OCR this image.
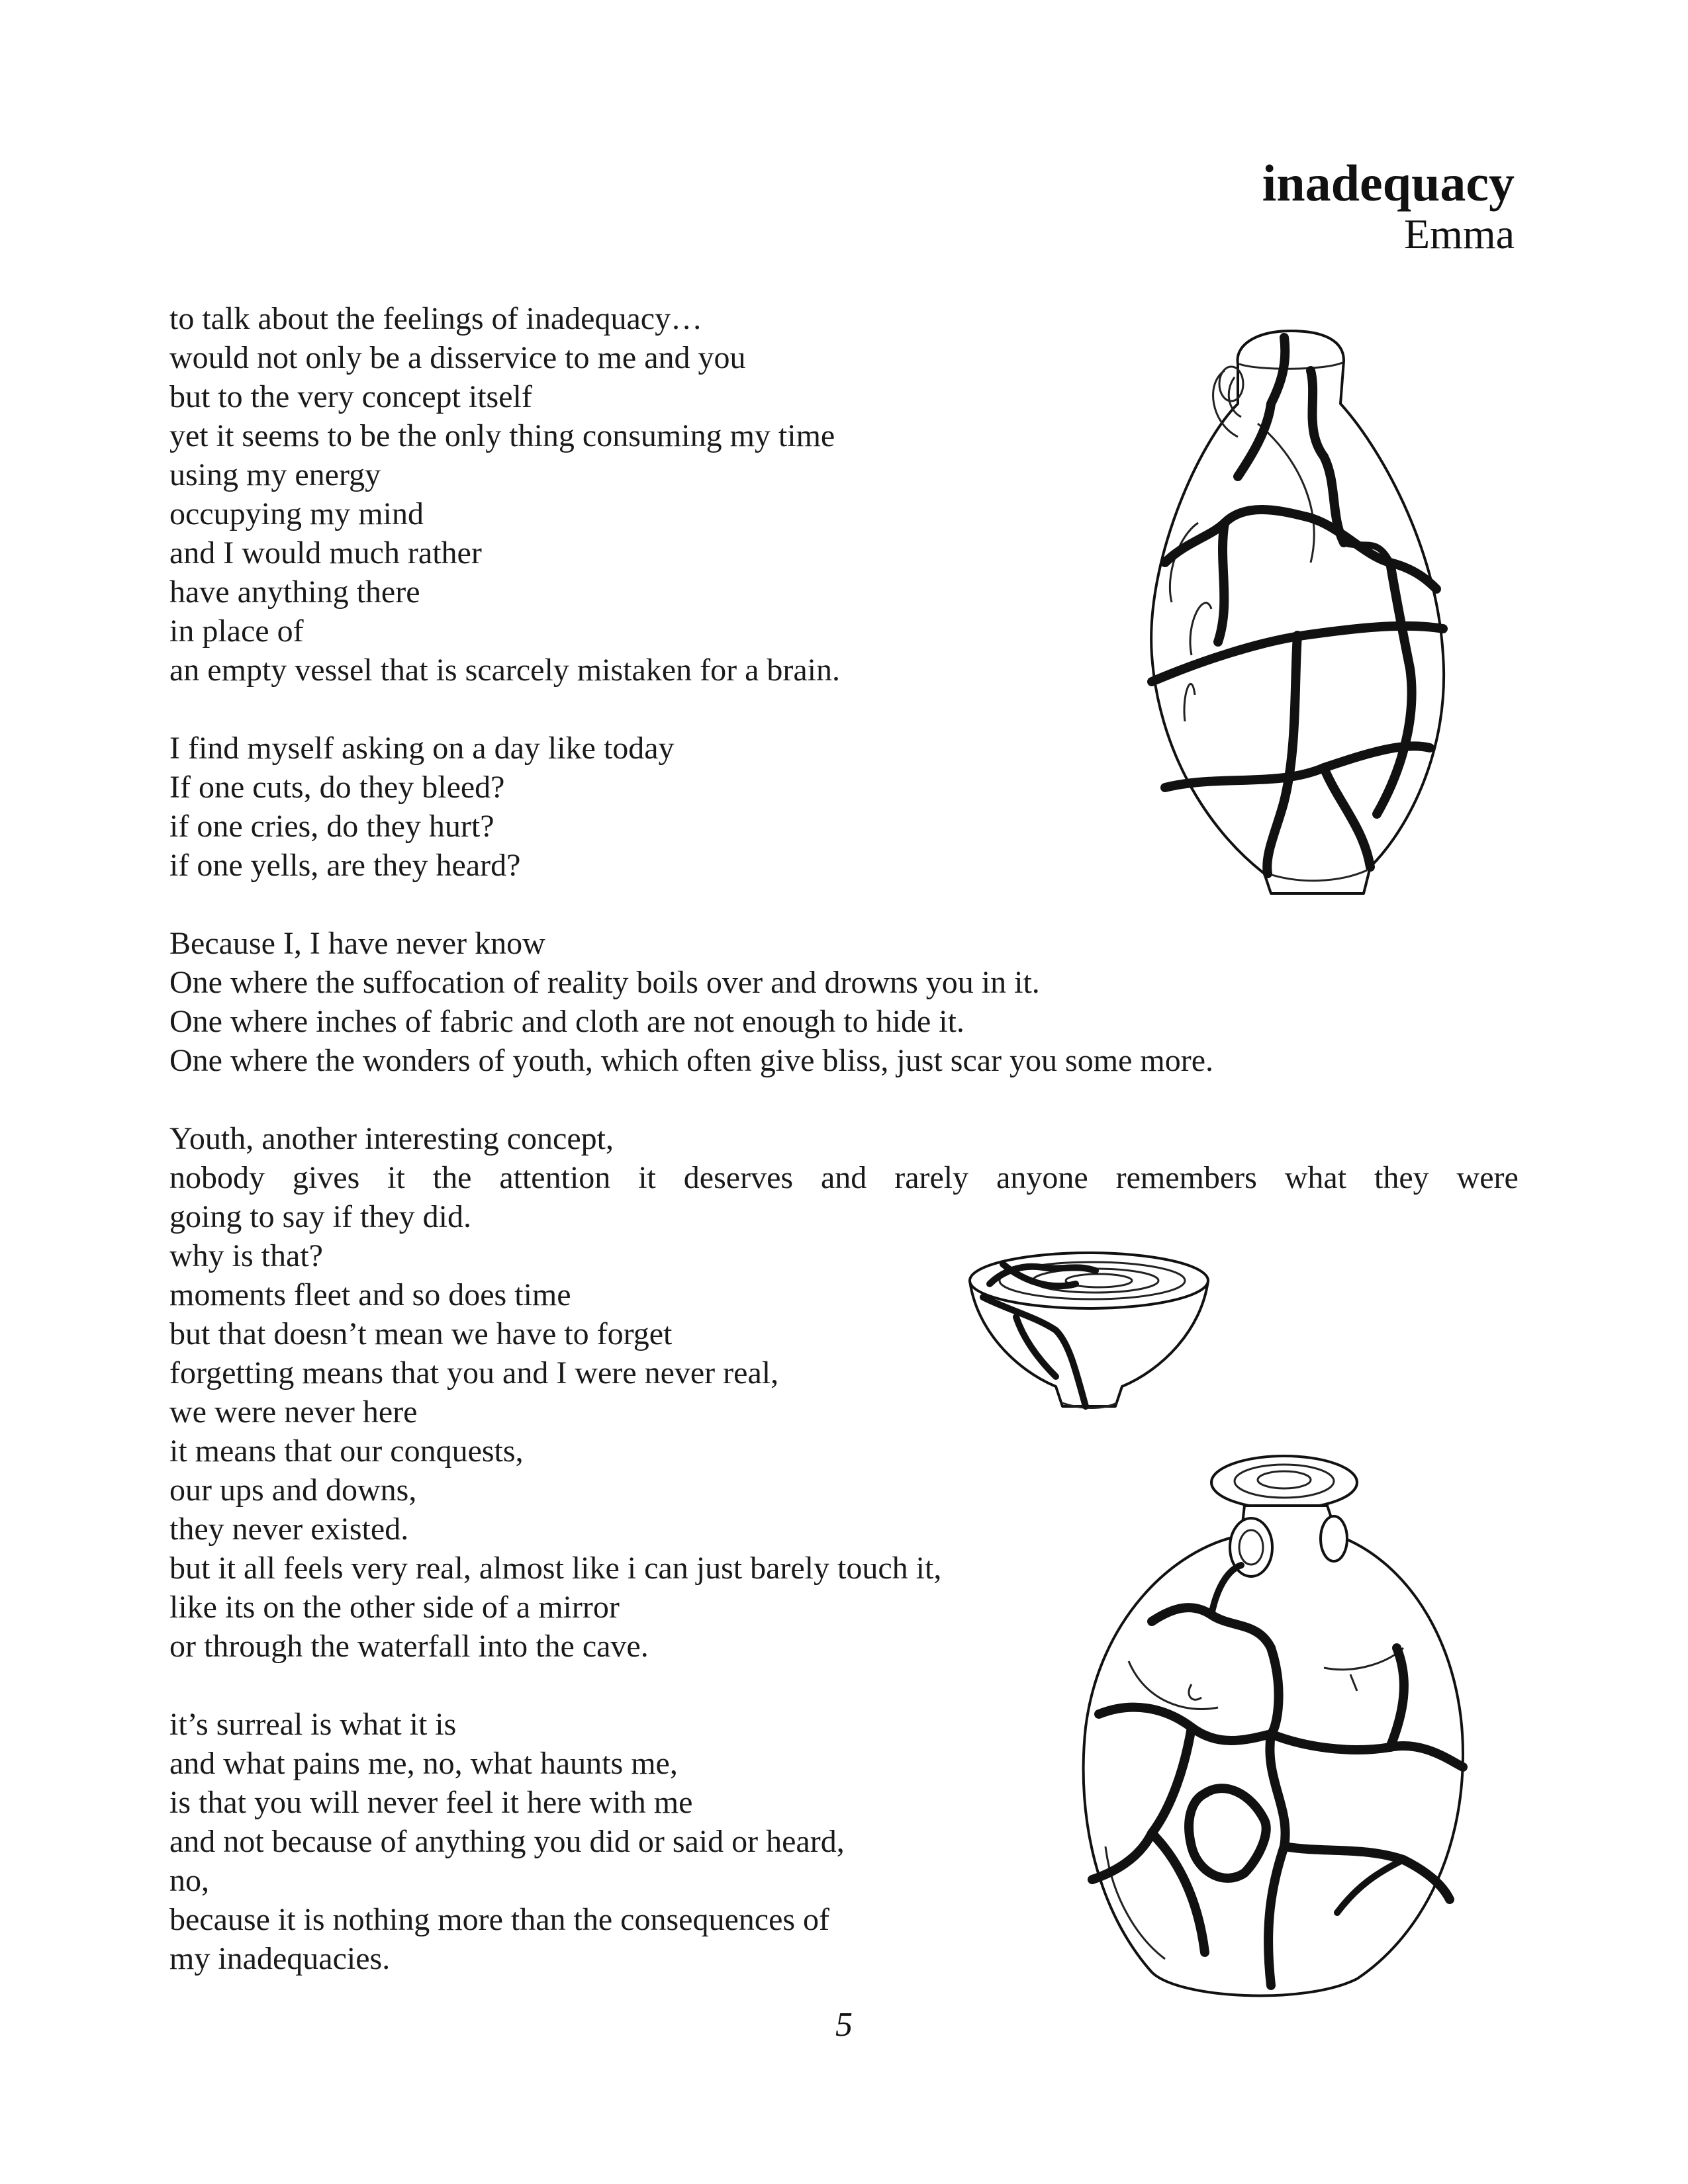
inadequacy
Emma
to talk about the feelings of inadequacy…
would not only be a disservice to me and you
but to the very concept itself
yet it seems to be the only thing consuming my time
using my energy
occupying my mind
and I would much rather
have anything there
in place of
an empty vessel that is scarcely mistaken for a brain.
I find myself asking on a day like today
If one cuts, do they bleed?
if one cries, do they hurt?
if one yells, are they heard?
Because I, I have never know
One where the suffocation of reality boils over and drowns you in it.
One where inches of fabric and cloth are not enough to hide it.
One where the wonders of youth, which often give bliss, just scar you some more.
Youth, another interesting concept,
nobody gives it the attention it deserves and rarely anyone remembers what they were
going to say if they did.
why is that?
moments fleet and so does time
but that doesn’t mean we have to forget
forgetting means that you and I were never real,
we were never here
it means that our conquests,
our ups and downs,
they never existed.
but it all feels very real, almost like i can just barely touch it,
like its on the other side of a mirror
or through the waterfall into the cave.
it’s surreal is what it is
and what pains me, no, what haunts me,
is that you will never feel it here with me
and not because of anything you did or said or heard,
no,
because it is nothing more than the consequences of
my inadequacies.
5
